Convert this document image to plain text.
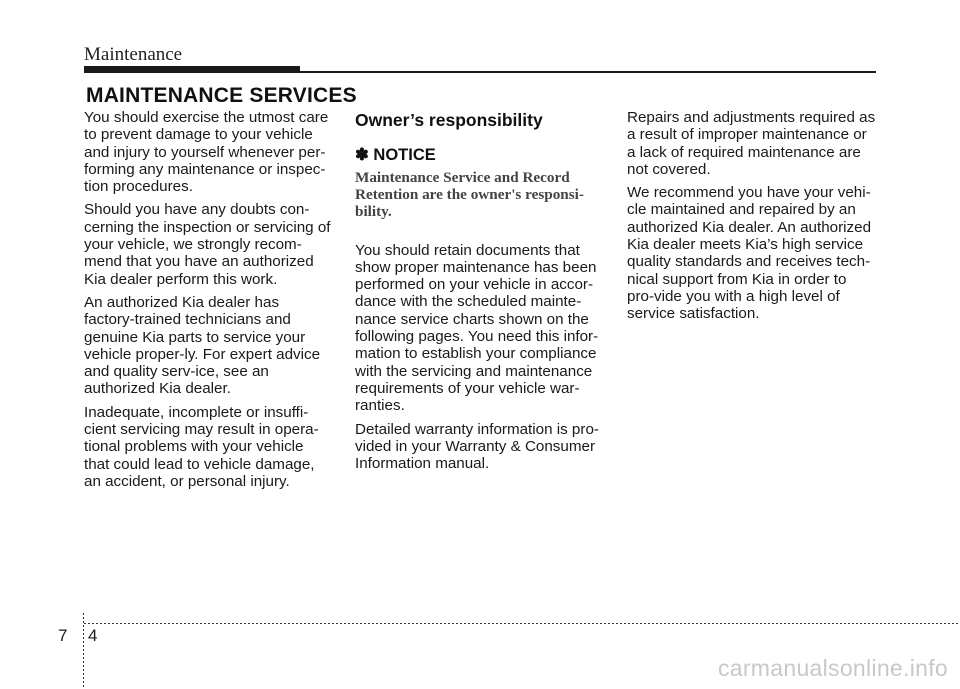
Maintenance
MAINTENANCE SERVICES

You should exercise the utmost care to prevent damage to your vehicle and injury to yourself whenever per-forming any maintenance or inspec-tion procedures.

Should you have any doubts con-cerning the inspection or servicing of your vehicle, we strongly recom-mend that you have an authorized Kia dealer perform this work.

An authorized Kia dealer has factory-trained technicians and genuine Kia parts to service your vehicle proper-ly. For expert advice and quality serv-ice, see an authorized Kia dealer.

Inadequate, incomplete or insuffi-cient servicing may result in opera-tional problems with your vehicle that could lead to vehicle damage, an accident, or personal injury.

Owner’s responsibility
✽ NOTICE
Maintenance Service and Record Retention are the owner's responsi-bility.

You should retain documents that show proper maintenance has been performed on your vehicle in accor-dance with the scheduled mainte-nance service charts shown on the following pages. You need this infor-mation to establish your compliance with the servicing and maintenance requirements of your vehicle war-ranties.

Detailed warranty information is pro-vided in your Warranty & Consumer Information manual.

Repairs and adjustments required as a result of improper maintenance or a lack of required maintenance are not covered.

We recommend you have your vehi-cle maintained and repaired by an authorized Kia dealer. An authorized Kia dealer meets Kia’s high service quality standards and receives tech-nical support from Kia in order to pro-vide you with a high level of service satisfaction.

7 4
carmanualsonline.info
